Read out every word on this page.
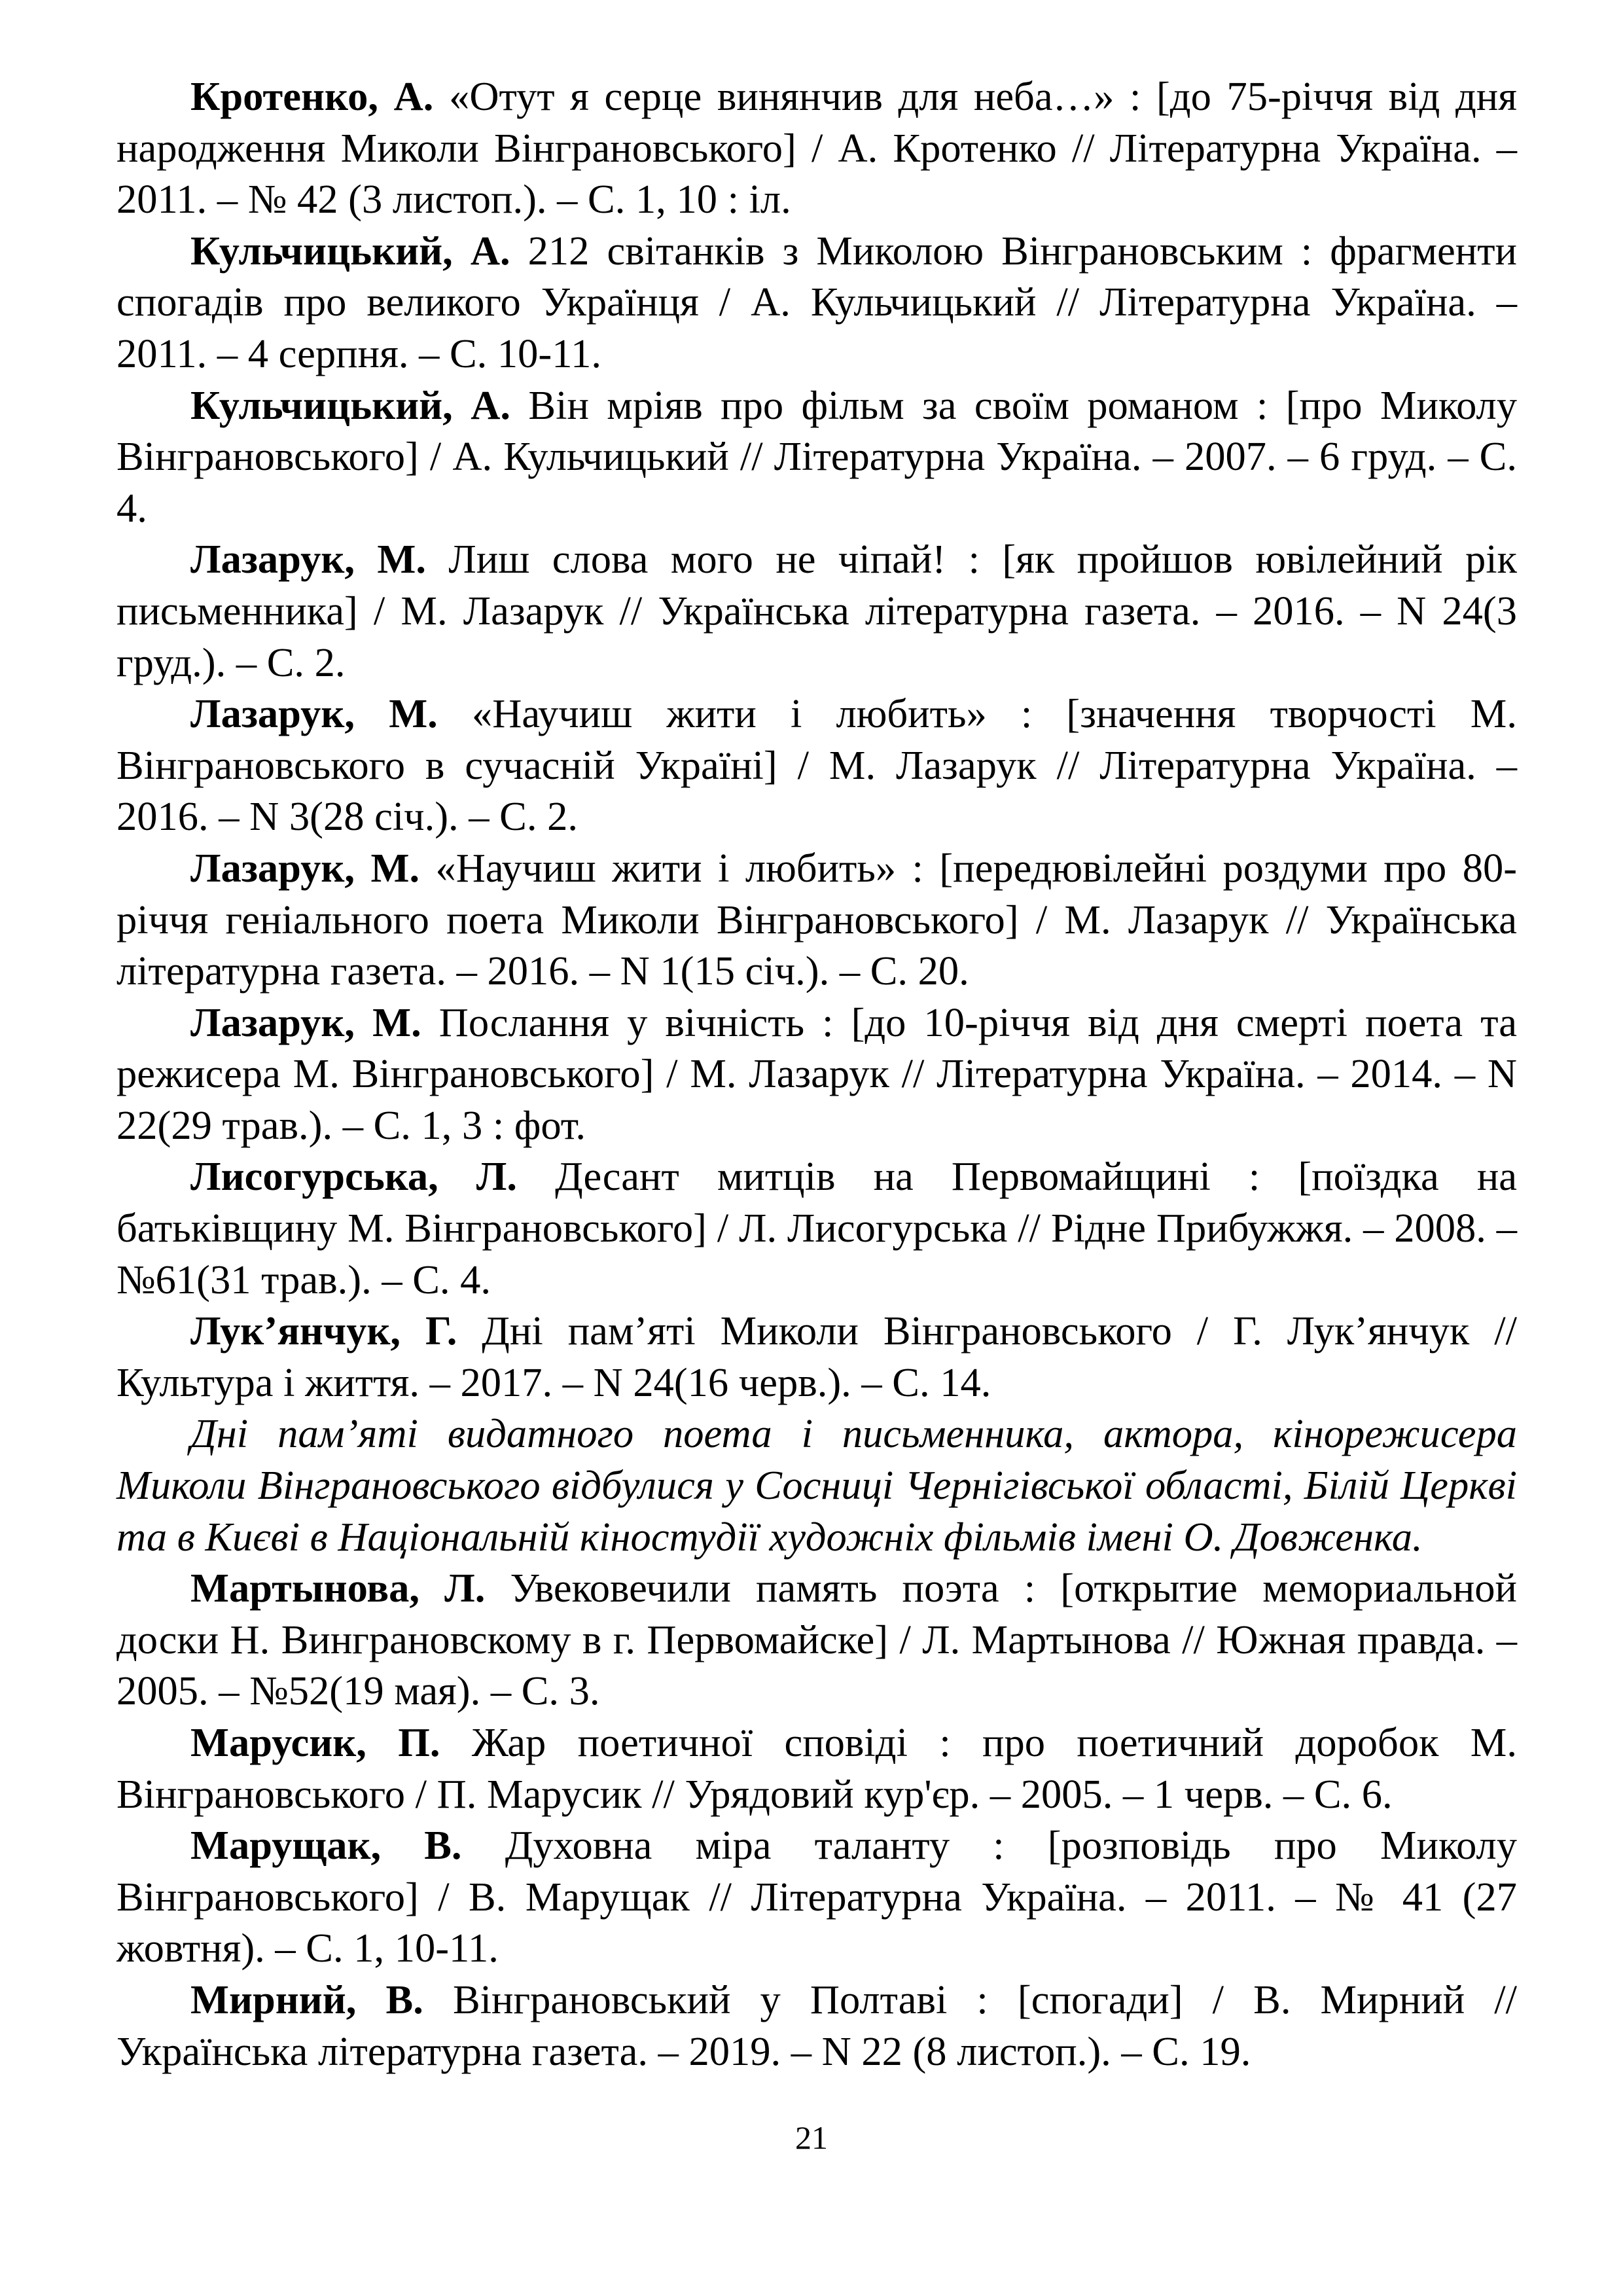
Кротенко, А. «Отут я серце винянчив для неба…» : [до 75-річчя від дня народження Миколи Вінграновського] / А. Кротенко // Літературна Україна. – 2011. – № 42 (3 листоп.). – С. 1, 10 : іл.

Кульчицький, А. 212 світанків з Миколою Вінграновським : фрагменти спогадів про великого Українця / А. Кульчицький // Літературна Україна. – 2011. – 4 серпня. – С. 10-11.

Кульчицький, А. Він мріяв про фільм за своїм романом : [про Миколу Вінграновського] / А. Кульчицький // Літературна Україна. – 2007. – 6 груд. – С. 4.

Лазарук, М. Лиш слова мого не чіпай! : [як пройшов ювілейний рік письменника] / М. Лазарук // Українська літературна газета. – 2016. – N 24(3 груд.). – С. 2.

Лазарук, М. «Научиш жити і любить» : [значення творчості М. Вінграновського в сучасній Україні] / М. Лазарук // Літературна Україна. – 2016. – N 3(28 січ.). – С. 2.

Лазарук, М. «Научиш жити і любить» : [передювілейні роздуми про 80-річчя геніального поета Миколи Вінграновського] / М. Лазарук // Українська літературна газета. – 2016. – N 1(15 січ.). – С. 20.

Лазарук, М. Послання у вічність : [до 10-річчя від дня смерті поета та режисера М. Вінграновського] / М. Лазарук // Літературна Україна. – 2014. – N 22(29 трав.). – С. 1, 3 : фот.

Лисогурська, Л. Десант митців на Первомайщині : [поїздка на батьківщину М. Вінграновського] / Л. Лисогурська // Рідне Прибужжя. – 2008. – №61(31 трав.). – С. 4.

Лук’янчук, Г. Дні пам’яті Миколи Вінграновського / Г. Лук’янчук // Культура і життя. – 2017. – N 24(16 черв.). – С. 14.

Дні пам’яті видатного поета і письменника, актора, кінорежисера Миколи Вінграновського відбулися у Сосниці Чернігівської області, Білій Церкві та в Києві в Національній кіностудії художніх фільмів імені О. Довженка.

Мартынова, Л. Увековечили память поэта : [открытие мемориальной доски Н. Винграновскому в г. Первомайске] / Л. Мартынова // Южная правда. – 2005. – №52(19 мая). – С. 3.

Марусик, П. Жар поетичної сповіді : про поетичний доробок М. Вінграновського / П. Марусик // Урядовий кур'єр. – 2005. – 1 черв. – С. 6.

Марущак, В. Духовна міра таланту : [розповідь про Миколу Вінграновського] / В. Марущак // Літературна Україна. – 2011. – № 41 (27 жовтня). – С. 1, 10-11.

Мирний, В. Вінграновський у Полтаві : [спогади] / В. Мирний // Українська літературна газета. – 2019. – N 22 (8 листоп.). – С. 19.

21
